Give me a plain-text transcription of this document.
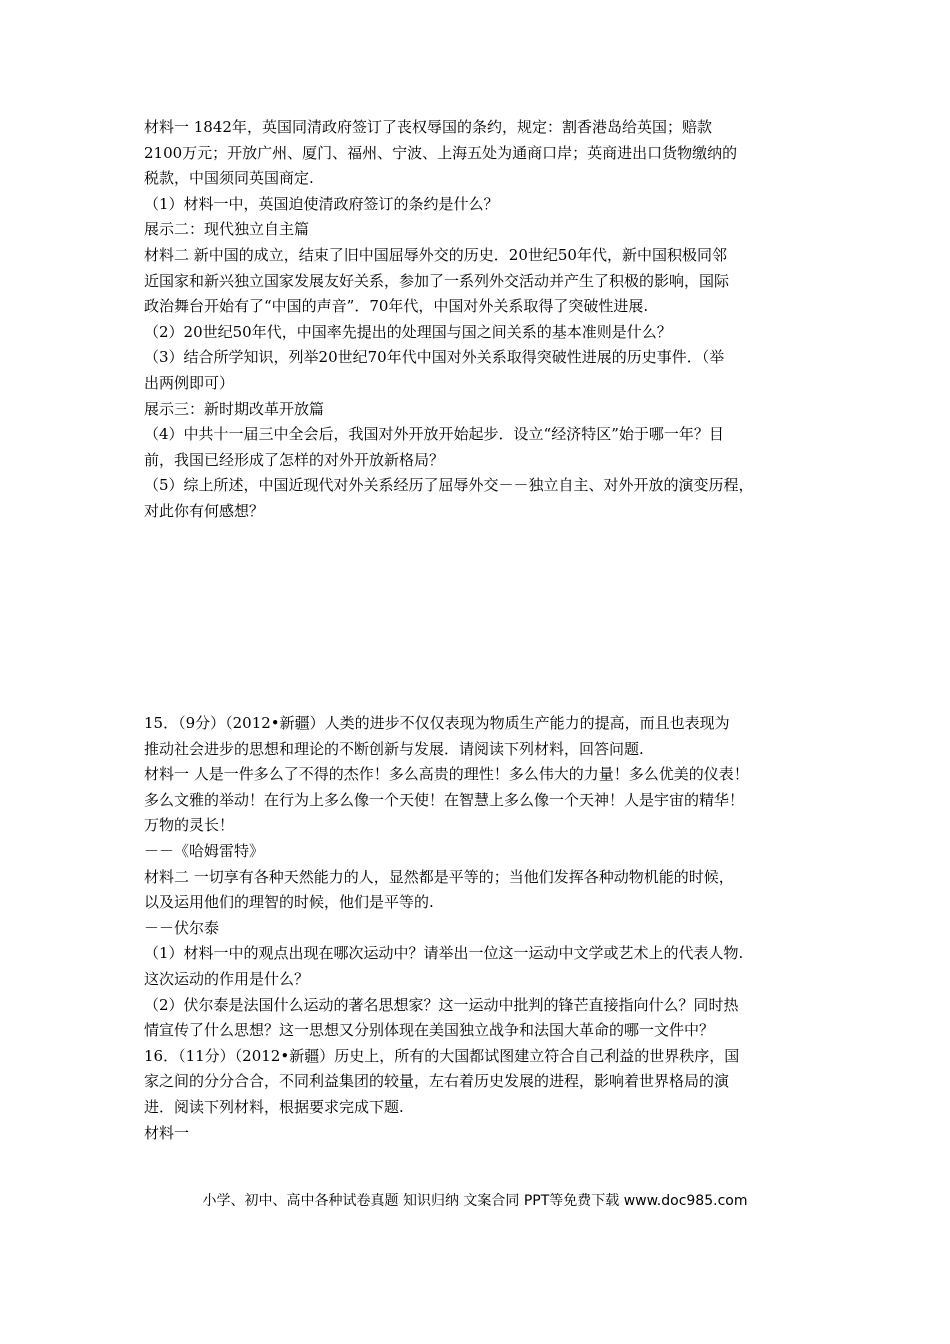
材料一 1842年，英国同清政府签订了丧权辱国的条约，规定：割香港岛给英国；赔款
2100万元；开放广州、厦门、福州、宁波、上海五处为通商口岸；英商进出口货物缴纳的
税款，中国须同英国商定.
（1）材料一中，英国迫使清政府签订的条约是什么？
展示二：现代独立自主篇
材料二 新中国的成立，结束了旧中国屈辱外交的历史．20世纪50年代，新中国积极同邻
近国家和新兴独立国家发展友好关系，参加了一系列外交活动并产生了积极的影响，国际
政治舞台开始有了“中国的声音”．70年代，中国对外关系取得了突破性进展.
（2）20世纪50年代，中国率先提出的处理国与国之间关系的基本准则是什么？
（3）结合所学知识，列举20世纪70年代中国对外关系取得突破性进展的历史事件．（举
出两例即可）
展示三：新时期改革开放篇
（4）中共十一届三中全会后，我国对外开放开始起步．设立“经济特区”始于哪一年？目
前，我国已经形成了怎样的对外开放新格局？
（5）综上所述，中国近现代对外关系经历了屈辱外交－－独立自主、对外开放的演变历程，
对此你有何感想？
15．（9分）（2012•新疆）人类的进步不仅仅表现为物质生产能力的提高，而且也表现为
推动社会进步的思想和理论的不断创新与发展．请阅读下列材料，回答问题.
材料一 人是一件多么了不得的杰作！多么高贵的理性！多么伟大的力量！多么优美的仪表！
多么文雅的举动！在行为上多么像一个天使！在智慧上多么像一个天神！人是宇宙的精华！
万物的灵长！
－－《哈姆雷特》
材料二 一切享有各种天然能力的人，显然都是平等的；当他们发挥各种动物机能的时候，
以及运用他们的理智的时候，他们是平等的.
－－伏尔泰
（1）材料一中的观点出现在哪次运动中？请举出一位这一运动中文学或艺术上的代表人物.
这次运动的作用是什么？
（2）伏尔泰是法国什么运动的著名思想家？这一运动中批判的锋芒直接指向什么？同时热
情宣传了什么思想？这一思想又分别体现在美国独立战争和法国大革命的哪一文件中？
16．（11分）（2012•新疆）历史上，所有的大国都试图建立符合自己利益的世界秩序，国
家之间的分分合合，不同利益集团的较量，左右着历史发展的进程，影响着世界格局的演
进．阅读下列材料，根据要求完成下题.
材料一
小学、初中、高中各种试卷真题 知识归纳 文案合同 PPT等免费下载 www.doc985.com
